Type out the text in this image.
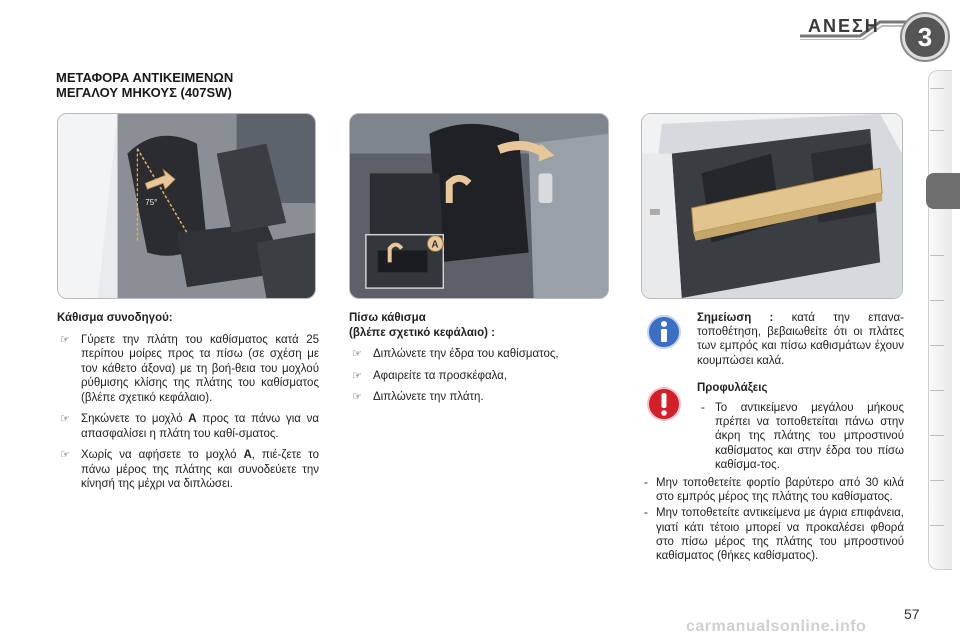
ΑΝΕΣΗ	3
ΜΕΤΑΦΟΡΑ ΑΝΤΙΚΕΙΜΕΝΩΝ
ΜΕΓΑΛΟΥ ΜΗΚΟΥΣ (407SW)
75°
A
Κάθισμα συνοδηγού:
☞ Γύρετε την πλάτη του καθίσματος κατά 25 περίπου μοίρες προς τα πίσω (σε σχέση με τον κάθετο άξονα) με τη βοή-θεια του μοχλού ρύθμισης κλίσης της πλάτης του καθίσματος (βλέπε σχετικό κεφάλαιο).
☞ Σηκώνετε το μοχλό A προς τα πάνω για να απασφαλίσει η πλάτη του καθί-σματος.
☞ Χωρίς να αφήσετε το μοχλό A, πιέ-ζετε το πάνω μέρος της πλάτης και συνοδεύετε την κίνησή της μέχρι να διπλώσει.
Πίσω κάθισμα
(βλέπε σχετικό κεφάλαιο) :
☞ Διπλώνετε την έδρα του καθίσματος,
☞ Αφαιρείτε τα προσκέφαλα,
☞ Διπλώνετε την πλάτη.
Σημείωση : κατά την επανα-τοποθέτηση, βεβαιωθείτε ότι οι πλάτες των εμπρός και πίσω καθισμάτων έχουν κουμπώσει καλά.
Προφυλάξεις
- Το αντικείμενο μεγάλου μήκους πρέπει να τοποθετείται πάνω στην άκρη της πλάτης του μπροστινού καθίσματος και στην έδρα του πίσω καθίσμα-τος.
- Μην τοποθετείτε φορτίο βαρύτερο από 30 κιλά στο εμπρός μέρος της πλάτης του καθίσματος.
- Μην τοποθετείτε αντικείμενα με άγρια επιφάνεια, γιατί κάτι τέτοιο μπορεί να προκαλέσει φθορά στο πίσω μέρος της πλάτης του μπροστινού καθίσματος (θήκες καθίσματος).
57
carmanualsonline.info
